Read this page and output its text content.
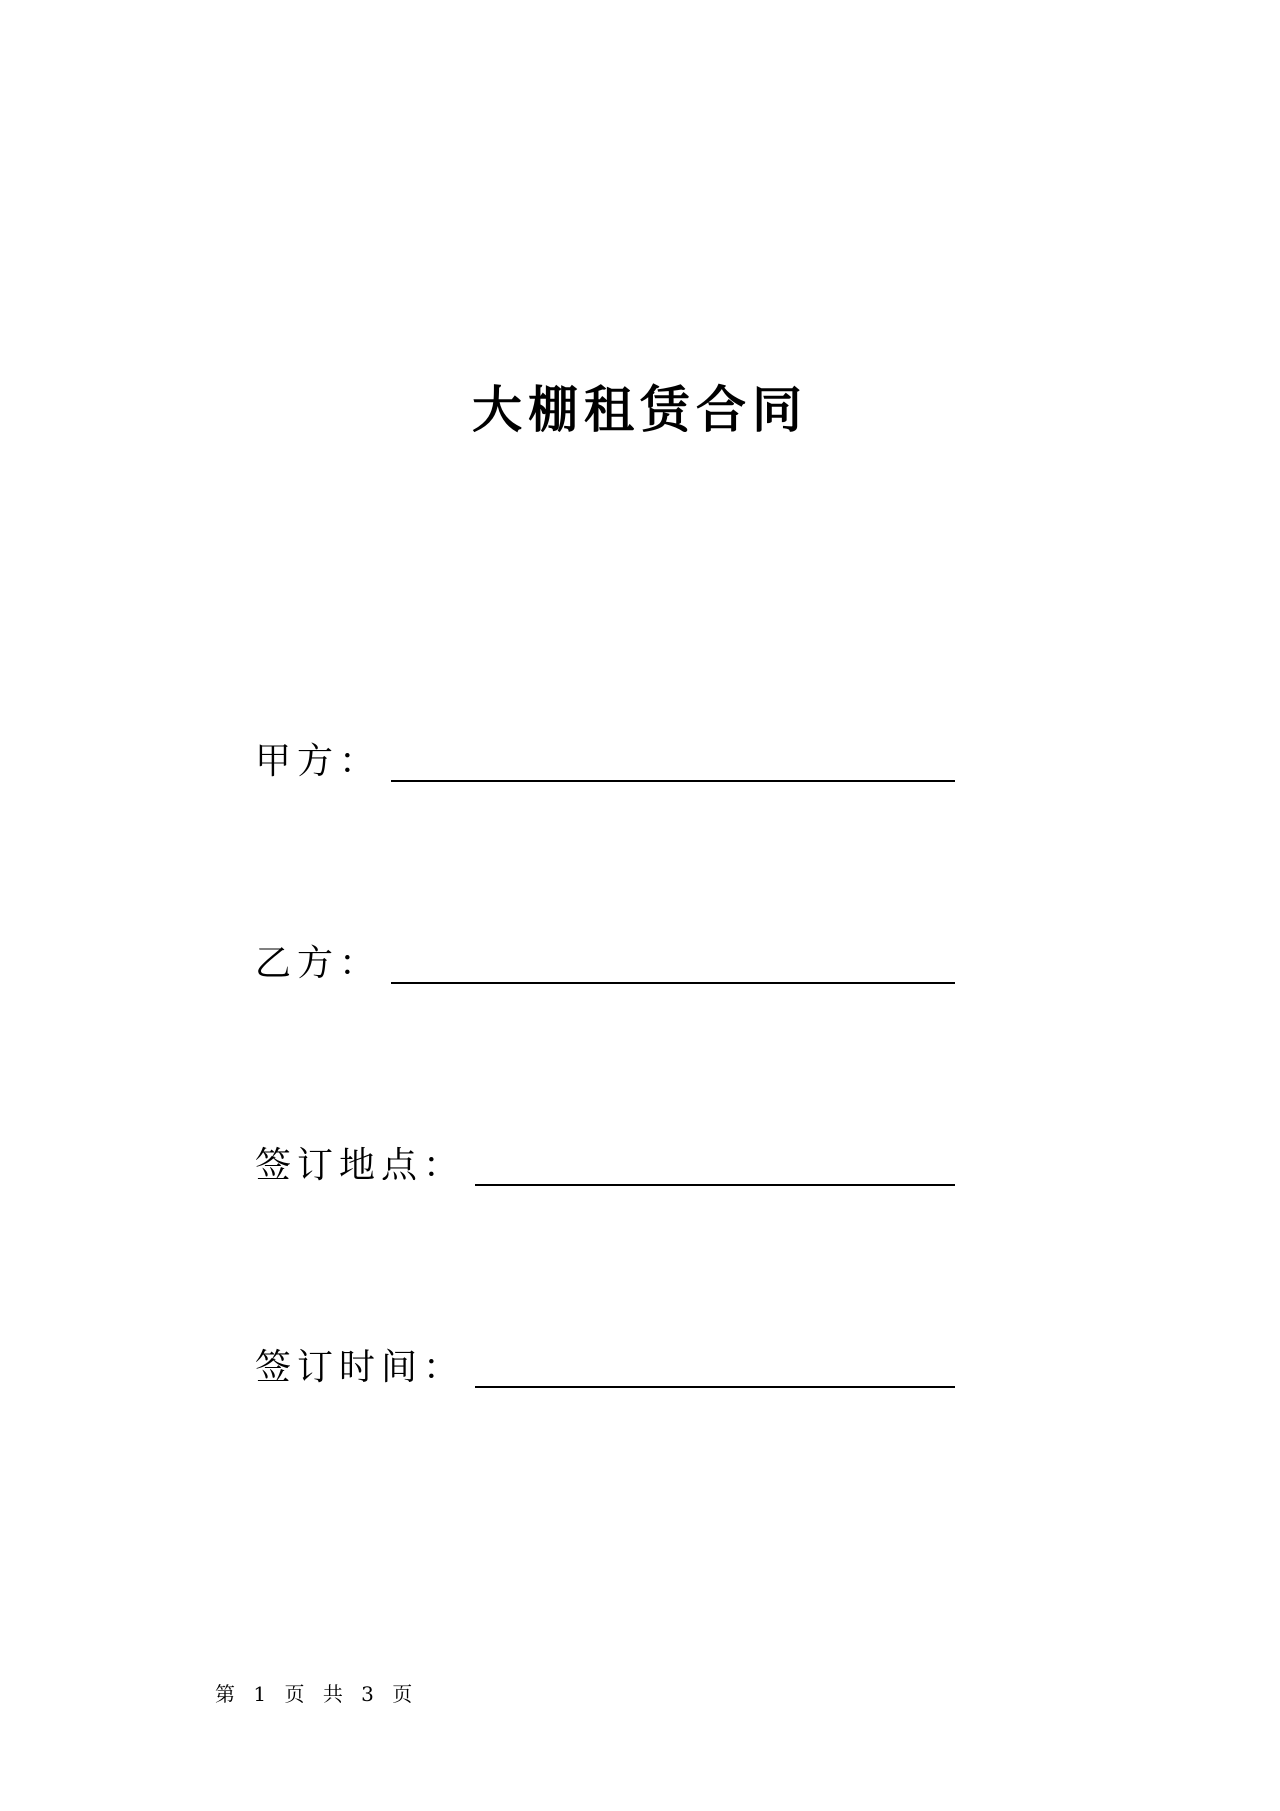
大棚租赁合同
甲方：
乙方：
签订地点：
签订时间：
第 1 页 共 3 页
